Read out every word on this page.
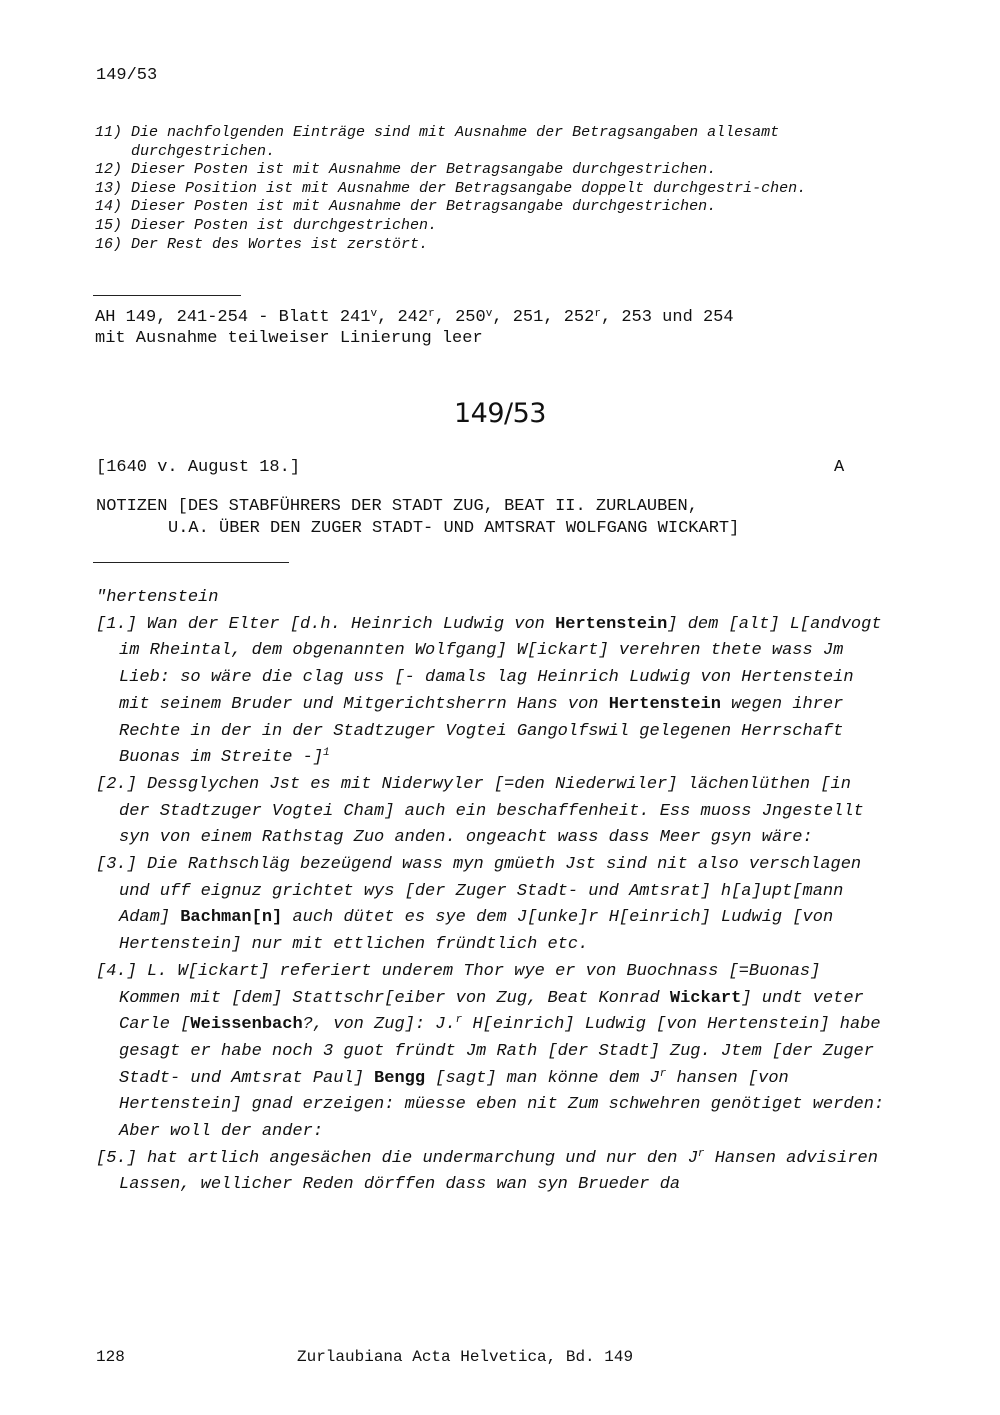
149/53
11) Die nachfolgenden Einträge sind mit Ausnahme der Betragsangaben allesamt durchgestrichen.
12) Dieser Posten ist mit Ausnahme der Betragsangabe durchgestrichen.
13) Diese Position ist mit Ausnahme der Betragsangabe doppelt durchgestri-chen.
14) Dieser Posten ist mit Ausnahme der Betragsangabe durchgestrichen.
15) Dieser Posten ist durchgestrichen.
16) Der Rest des Wortes ist zerstört.
AH 149, 241-254 - Blatt 241$^v$, 242$^r$, 250$^v$, 251, 252$^r$, 253 und 254
mit Ausnahme teilweiser Linierung leer
149/53
[1640 v. August 18.]	A
NOTIZEN [DES STABFÜHRERS DER STADT ZUG, BEAT II. ZURLAUBEN,
U.A. ÜBER DEN ZUGER STADT- UND AMTSRAT WOLFGANG WICKART]
"hertenstein
[1.] Wan der Elter [d.h. Heinrich Ludwig von Hertenstein] dem [alt] L[andvogt im Rheintal, dem obgenannten Wolfgang] W[ickart] verehren thete wass Jm Lieb: so wäre die clag uss [- damals lag Heinrich Ludwig von Hertenstein mit seinem Bruder und Mitgerichtsherrn Hans von Hertenstein wegen ihrer Rechte in der in der Stadtzuger Vogtei Gangolfswil gelegenen Herrschaft Buonas im Streite -]$^1$
[2.] Dessglychen Jst es mit Niderwyler [=den Niederwiler] lächenlüthen [in der Stadtzuger Vogtei Cham] auch ein beschaffenheit. Ess muoss Jngestellt syn von einem Rathstag Zuo anden. ongeacht wass dass Meer gsyn wäre:
[3.] Die Rathschläg bezeügend wass myn gmüeth Jst sind nit also verschlagen und uff eignuz grichtet wys [der Zuger Stadt- und Amtsrat] h[a]upt[mann Adam] Bachman[n] auch dütet es sye dem J[unke]r H[einrich] Ludwig [von Hertenstein] nur mit ettlichen fründtlich etc.
[4.] L. W[ickart] referiert underem Thor wye er von Buochnass [=Buonas] Kommen mit [dem] Stattschr[eiber von Zug, Beat Konrad Wickart] undt veter Carle [Weissenbach?, von Zug]: J.$^r$ H[einrich] Ludwig [von Hertenstein] habe gesagt er habe noch 3 guot fründt Jm Rath [der Stadt] Zug. Jtem [der Zuger Stadt- und Amtsrat Paul] Bengg [sagt] man könne dem $J^r$ hansen [von Hertenstein] gnad erzeigen: müesse eben nit Zum schwehren genötiget werden: Aber woll der ander:
[5.] hat artlich angesächen die undermarchung und nur den $J^r$ Hansen advisiren Lassen, wellicher Reden dörffen dass wan syn Brueder da
128	Zurlaubiana Acta Helvetica, Bd. 149
